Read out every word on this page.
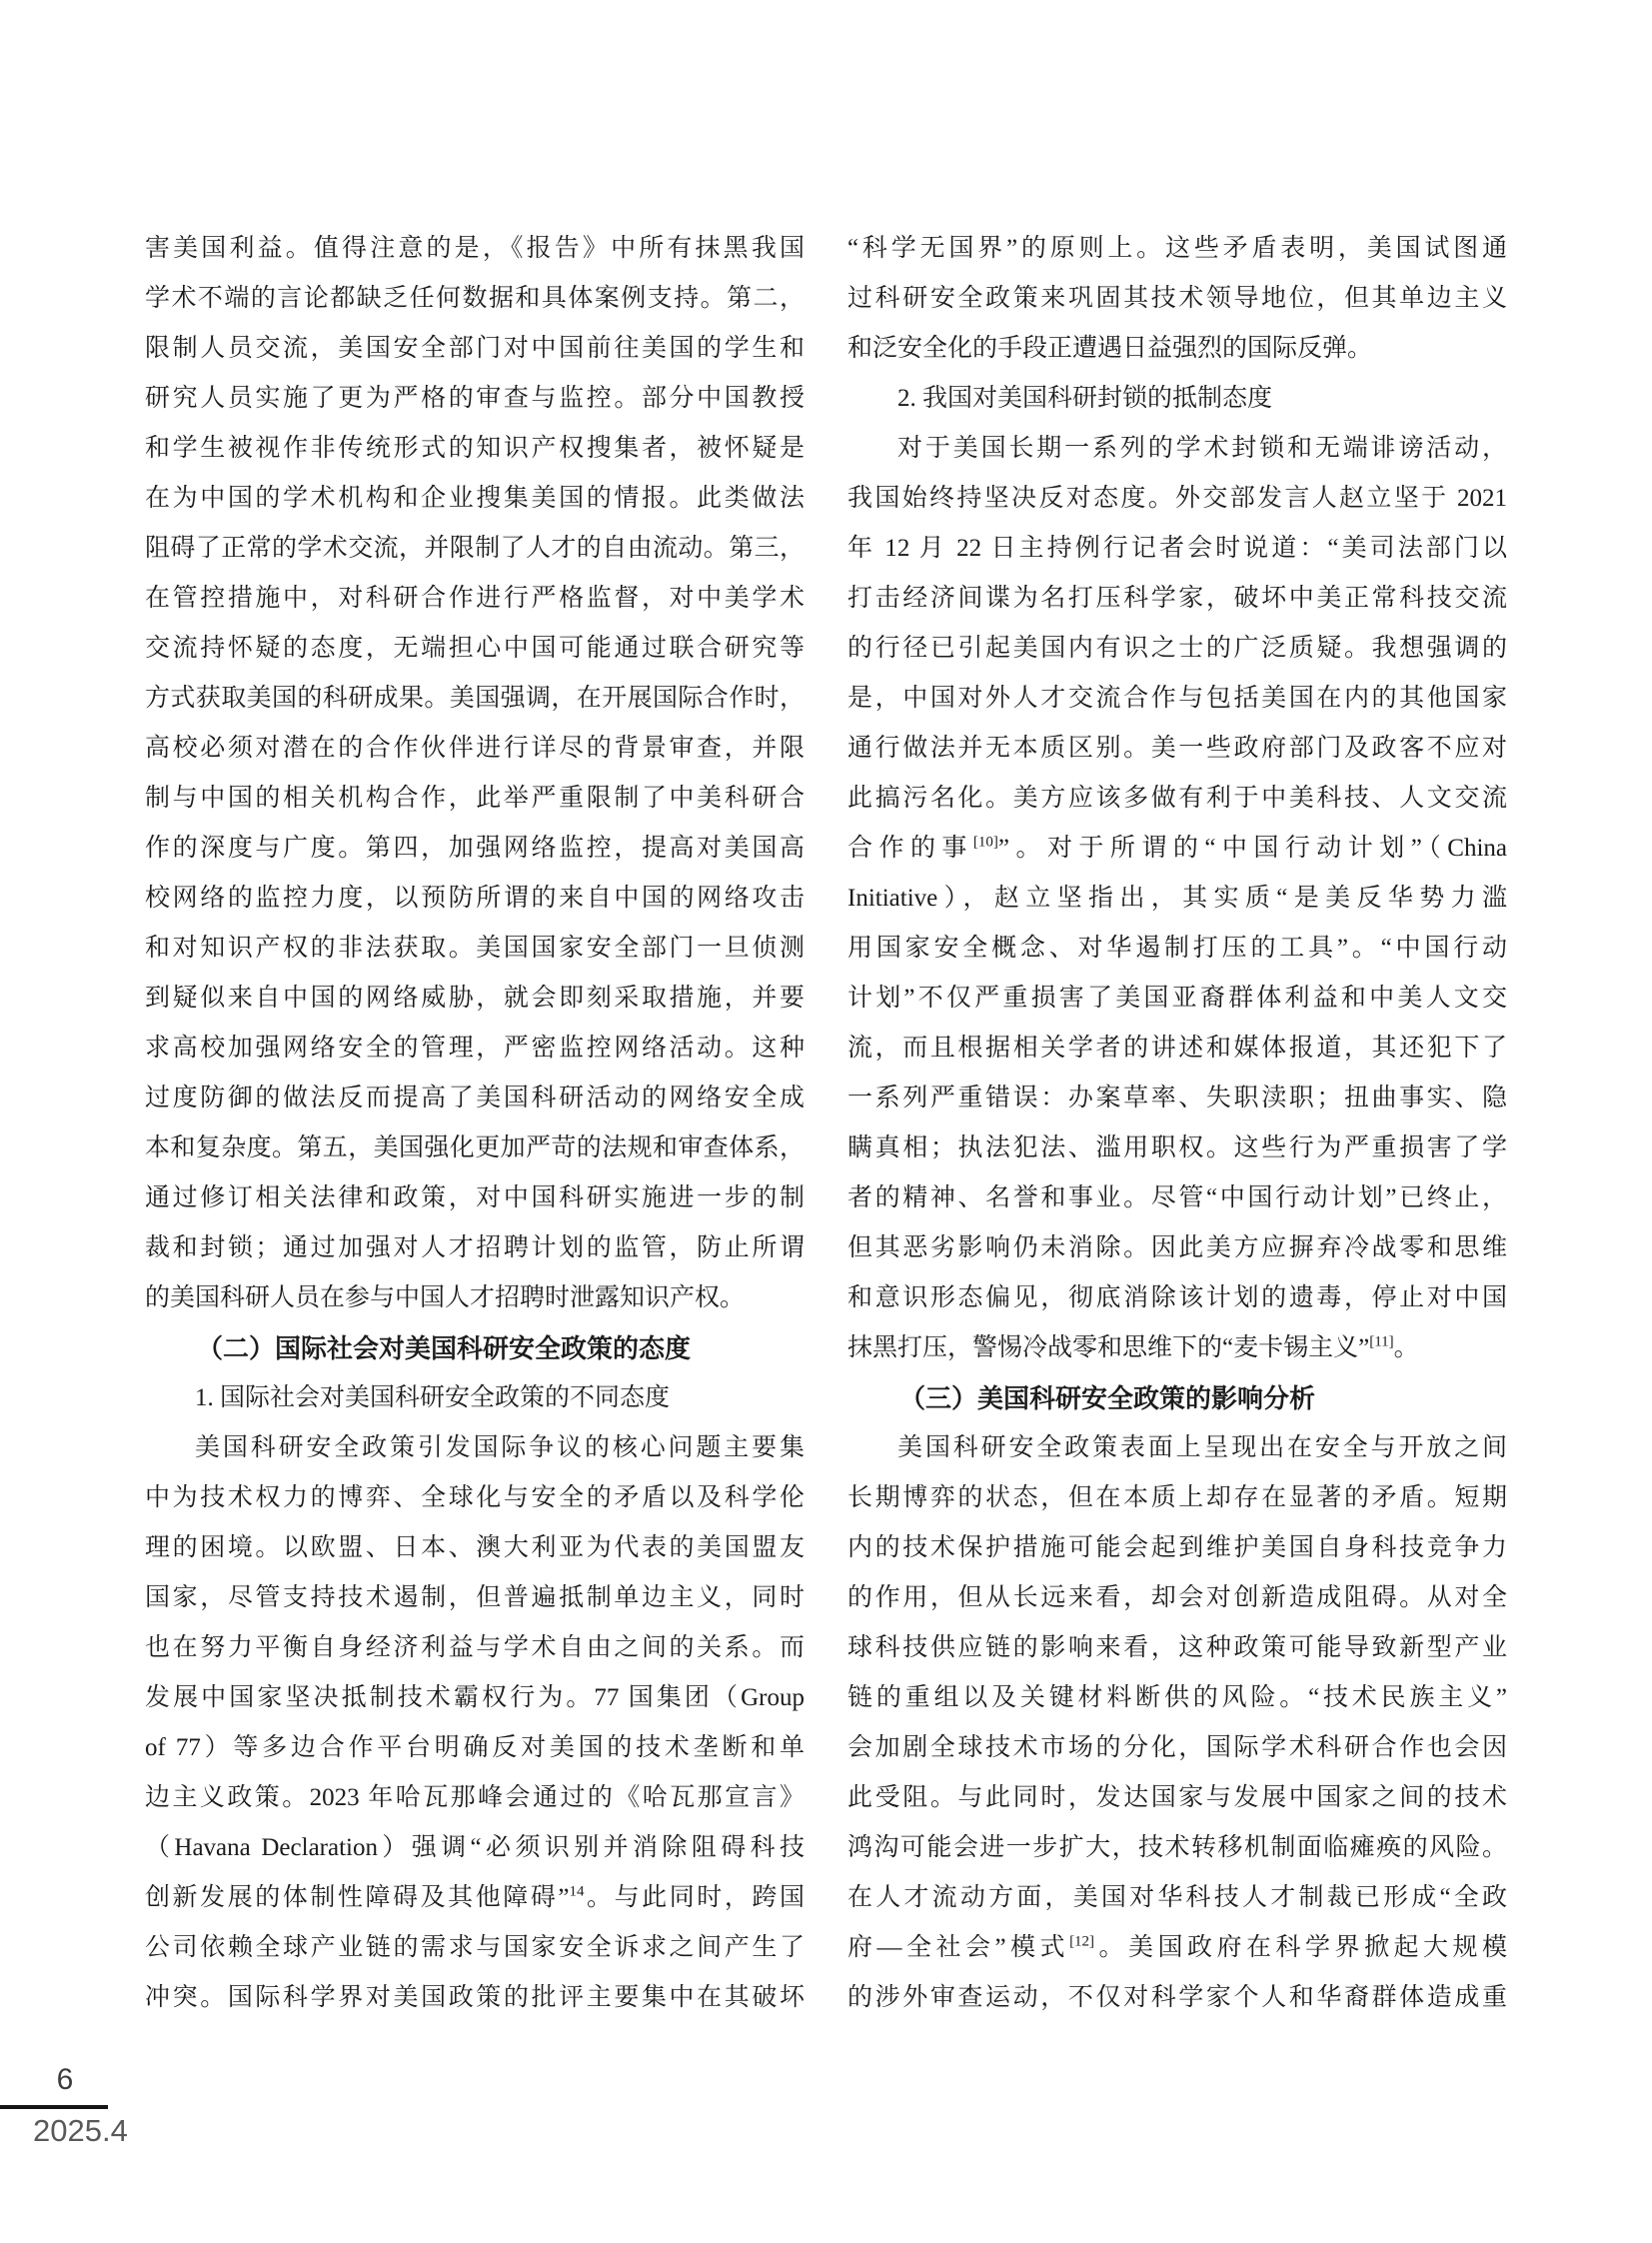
害美国利益。值得注意的是，《报告》中所有抹黑我国
学术不端的言论都缺乏任何数据和具体案例支持。第二，
限制人员交流，美国安全部门对中国前往美国的学生和
研究人员实施了更为严格的审查与监控。部分中国教授
和学生被视作非传统形式的知识产权搜集者，被怀疑是
在为中国的学术机构和企业搜集美国的情报。此类做法
阻碍了正常的学术交流，并限制了人才的自由流动。第三，
在管控措施中，对科研合作进行严格监督，对中美学术
交流持怀疑的态度，无端担心中国可能通过联合研究等
方式获取美国的科研成果。美国强调，在开展国际合作时，
高校必须对潜在的合作伙伴进行详尽的背景审查，并限
制与中国的相关机构合作，此举严重限制了中美科研合
作的深度与广度。第四，加强网络监控，提高对美国高
校网络的监控力度，以预防所谓的来自中国的网络攻击
和对知识产权的非法获取。美国国家安全部门一旦侦测
到疑似来自中国的网络威胁，就会即刻采取措施，并要
求高校加强网络安全的管理，严密监控网络活动。这种
过度防御的做法反而提高了美国科研活动的网络安全成
本和复杂度。第五，美国强化更加严苛的法规和审查体系，
通过修订相关法律和政策，对中国科研实施进一步的制
裁和封锁；通过加强对人才招聘计划的监管，防止所谓
的美国科研人员在参与中国人才招聘时泄露知识产权。
（二）国际社会对美国科研安全政策的态度
1. 国际社会对美国科研安全政策的不同态度
美国科研安全政策引发国际争议的核心问题主要集
中为技术权力的博弈、全球化与安全的矛盾以及科学伦
理的困境。以欧盟、日本、澳大利亚为代表的美国盟友
国家，尽管支持技术遏制，但普遍抵制单边主义，同时
也在努力平衡自身经济利益与学术自由之间的关系。而
发展中国家坚决抵制技术霸权行为。77 国集团（Group
of 77）等多边合作平台明确反对美国的技术垄断和单
边主义政策。2023 年哈瓦那峰会通过的《哈瓦那宣言》
（Havana Declaration）强调“必须识别并消除阻碍科技
创新发展的体制性障碍及其他障碍”$^{14}$。与此同时，跨国
公司依赖全球产业链的需求与国家安全诉求之间产生了
冲突。国际科学界对美国政策的批评主要集中在其破坏
“科学无国界”的原则上。这些矛盾表明，美国试图通
过科研安全政策来巩固其技术领导地位，但其单边主义
和泛安全化的手段正遭遇日益强烈的国际反弹。
2. 我国对美国科研封锁的抵制态度
对于美国长期一系列的学术封锁和无端诽谤活动，
我国始终持坚决反对态度。外交部发言人赵立坚于 2021
年 12 月 22 日主持例行记者会时说道：“美司法部门以
打击经济间谍为名打压科学家，破坏中美正常科技交流
的行径已引起美国内有识之士的广泛质疑。我想强调的
是，中国对外人才交流合作与包括美国在内的其他国家
通行做法并无本质区别。美一些政府部门及政客不应对
此搞污名化。美方应该多做有利于中美科技、人文交流
合作的事[10]”。对于所谓的“中国行动计划”（China
Initiative），赵立坚指出，其实质“是美反华势力滥
用国家安全概念、对华遏制打压的工具”。“中国行动
计划”不仅严重损害了美国亚裔群体利益和中美人文交
流，而且根据相关学者的讲述和媒体报道，其还犯下了
一系列严重错误：办案草率、失职渎职；扭曲事实、隐
瞒真相；执法犯法、滥用职权。这些行为严重损害了学
者的精神、名誉和事业。尽管“中国行动计划”已终止，
但其恶劣影响仍未消除。因此美方应摒弃冷战零和思维
和意识形态偏见，彻底消除该计划的遗毒，停止对中国
抹黑打压，警惕冷战零和思维下的“麦卡锡主义”[11]。
（三）美国科研安全政策的影响分析
美国科研安全政策表面上呈现出在安全与开放之间
长期博弈的状态，但在本质上却存在显著的矛盾。短期
内的技术保护措施可能会起到维护美国自身科技竞争力
的作用，但从长远来看，却会对创新造成阻碍。从对全
球科技供应链的影响来看，这种政策可能导致新型产业
链的重组以及关键材料断供的风险。“技术民族主义”
会加剧全球技术市场的分化，国际学术科研合作也会因
此受阻。与此同时，发达国家与发展中国家之间的技术
鸿沟可能会进一步扩大，技术转移机制面临瘫痪的风险。
在人才流动方面，美国对华科技人才制裁已形成“全政
府—全社会”模式[12]。美国政府在科学界掀起大规模
的涉外审查运动，不仅对科学家个人和华裔群体造成重
6
2025.4
